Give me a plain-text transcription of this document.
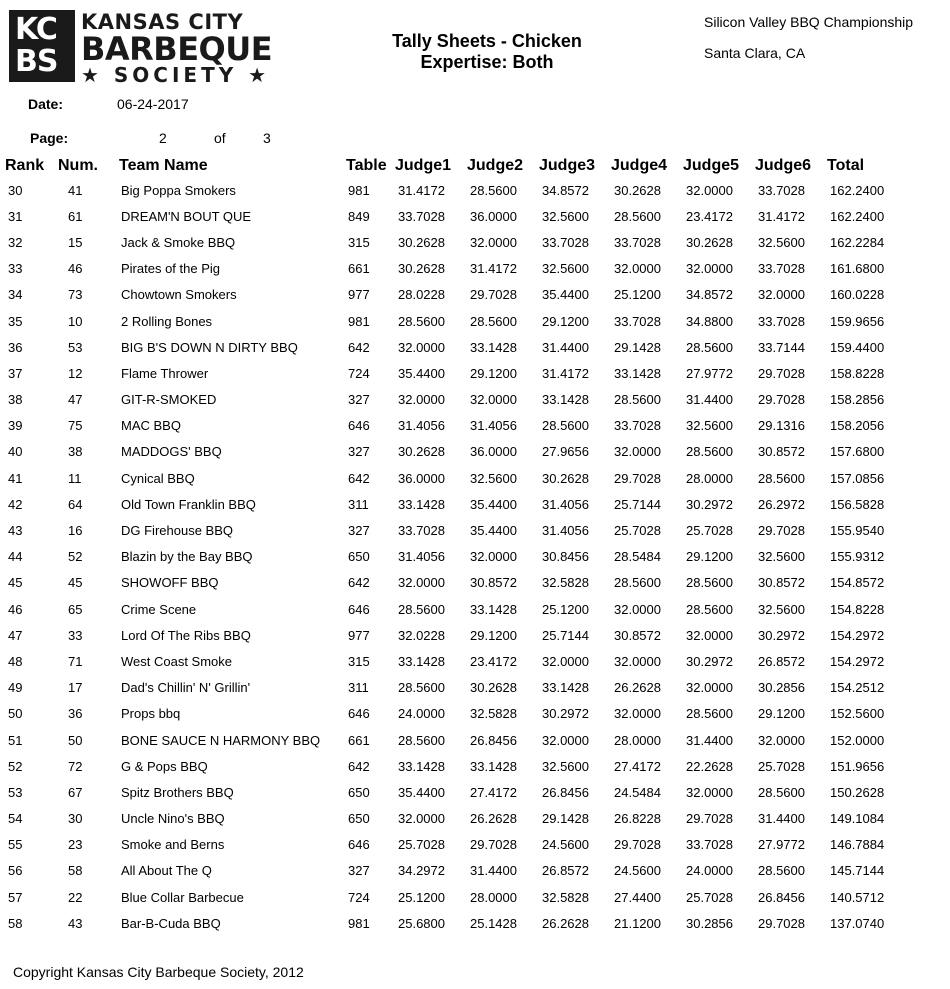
KC
BS
KANSAS CITY
BARBEQUE
★ SOCIETY ★
Tally Sheets - Chicken
Expertise: Both
Silicon Valley BBQ Championship
Santa Clara, CA
Date:	06-24-2017
Page:	2	of	3
Rank	Num.	Team Name	Table	Judge1	Judge2	Judge3	Judge4	Judge5	Judge6	Total
30	41	Big Poppa Smokers	981	31.4172	28.5600	34.8572	30.2628	32.0000	33.7028	162.2400
31	61	DREAM'N BOUT QUE	849	33.7028	36.0000	32.5600	28.5600	23.4172	31.4172	162.2400
32	15	Jack & Smoke BBQ	315	30.2628	32.0000	33.7028	33.7028	30.2628	32.5600	162.2284
33	46	Pirates of the Pig	661	30.2628	31.4172	32.5600	32.0000	32.0000	33.7028	161.6800
34	73	Chowtown Smokers	977	28.0228	29.7028	35.4400	25.1200	34.8572	32.0000	160.0228
35	10	2 Rolling Bones	981	28.5600	28.5600	29.1200	33.7028	34.8800	33.7028	159.9656
36	53	BIG B'S DOWN N DIRTY BBQ	642	32.0000	33.1428	31.4400	29.1428	28.5600	33.7144	159.4400
37	12	Flame Thrower	724	35.4400	29.1200	31.4172	33.1428	27.9772	29.7028	158.8228
38	47	GIT-R-SMOKED	327	32.0000	32.0000	33.1428	28.5600	31.4400	29.7028	158.2856
39	75	MAC BBQ	646	31.4056	31.4056	28.5600	33.7028	32.5600	29.1316	158.2056
40	38	MADDOGS' BBQ	327	30.2628	36.0000	27.9656	32.0000	28.5600	30.8572	157.6800
41	11	Cynical BBQ	642	36.0000	32.5600	30.2628	29.7028	28.0000	28.5600	157.0856
42	64	Old Town Franklin BBQ	311	33.1428	35.4400	31.4056	25.7144	30.2972	26.2972	156.5828
43	16	DG Firehouse BBQ	327	33.7028	35.4400	31.4056	25.7028	25.7028	29.7028	155.9540
44	52	Blazin by the Bay BBQ	650	31.4056	32.0000	30.8456	28.5484	29.1200	32.5600	155.9312
45	45	SHOWOFF BBQ	642	32.0000	30.8572	32.5828	28.5600	28.5600	30.8572	154.8572
46	65	Crime Scene	646	28.5600	33.1428	25.1200	32.0000	28.5600	32.5600	154.8228
47	33	Lord Of The Ribs BBQ	977	32.0228	29.1200	25.7144	30.8572	32.0000	30.2972	154.2972
48	71	West Coast Smoke	315	33.1428	23.4172	32.0000	32.0000	30.2972	26.8572	154.2972
49	17	Dad's Chillin' N' Grillin'	311	28.5600	30.2628	33.1428	26.2628	32.0000	30.2856	154.2512
50	36	Props bbq	646	24.0000	32.5828	30.2972	32.0000	28.5600	29.1200	152.5600
51	50	BONE SAUCE N HARMONY BBQ	661	28.5600	26.8456	32.0000	28.0000	31.4400	32.0000	152.0000
52	72	G & Pops BBQ	642	33.1428	33.1428	32.5600	27.4172	22.2628	25.7028	151.9656
53	67	Spitz Brothers BBQ	650	35.4400	27.4172	26.8456	24.5484	32.0000	28.5600	150.2628
54	30	Uncle Nino's BBQ	650	32.0000	26.2628	29.1428	26.8228	29.7028	31.4400	149.1084
55	23	Smoke and Berns	646	25.7028	29.7028	24.5600	29.7028	33.7028	27.9772	146.7884
56	58	All About The Q	327	34.2972	31.4400	26.8572	24.5600	24.0000	28.5600	145.7144
57	22	Blue Collar Barbecue	724	25.1200	28.0000	32.5828	27.4400	25.7028	26.8456	140.5712
58	43	Bar-B-Cuda BBQ	981	25.6800	25.1428	26.2628	21.1200	30.2856	29.7028	137.0740
Copyright Kansas City Barbeque Society, 2012
